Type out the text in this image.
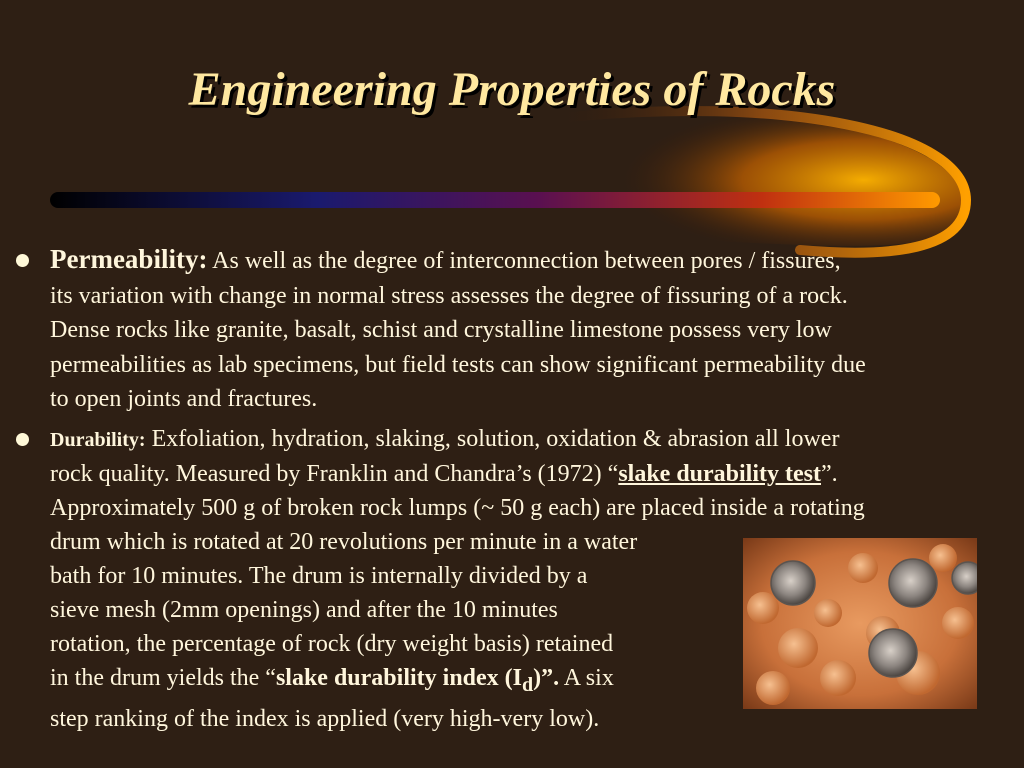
Engineering Properties of Rocks

Permeability: As well as the degree of interconnection between pores / fissures,
its variation with change in normal stress assesses the degree of fissuring of a rock.
Dense rocks like granite, basalt, schist and crystalline limestone possess very low
permeabilities as lab specimens, but field tests can show significant permeability due
to open joints and fractures.

Durability: Exfoliation, hydration, slaking, solution, oxidation & abrasion all lower
rock quality. Measured by Franklin and Chandra’s (1972) “slake durability test”.
Approximately 500 g of broken rock lumps (~ 50 g each) are placed inside a rotating
drum which is rotated at 20 revolutions per minute in a water
bath for 10 minutes. The drum is internally divided by a
sieve mesh (2mm openings) and after the 10 minutes
rotation, the percentage of rock (dry weight basis) retained
in the drum yields the “slake durability index $(I_d)$”. A six
step ranking of the index is applied (very high-very low).
